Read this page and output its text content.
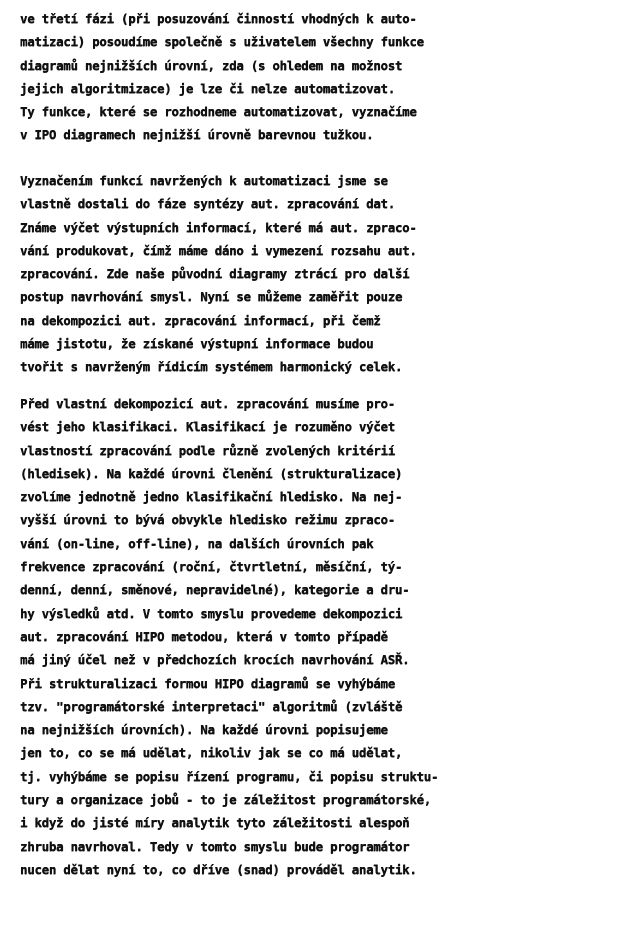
ve třetí fázi (při posuzování činností vhodných k auto-
matizaci) posoudíme společně s uživatelem všechny funkce
diagramů nejnižších úrovní, zda (s ohledem na možnost
jejich algoritmizace) je lze či nelze automatizovat.
Ty funkce, které se rozhodneme automatizovat, vyznačíme
v IPO diagramech nejnižší úrovně barevnou tužkou.
Vyznačením funkcí navržených k automatizaci jsme se
vlastně dostali do fáze syntézy aut. zpracování dat.
Známe výčet výstupních informací, které má aut. zpraco-
vání produkovat, čímž máme dáno i vymezení rozsahu aut.
zpracování. Zde naše původní diagramy ztrácí pro další
postup navrhování smysl. Nyní se můžeme zaměřit pouze
na dekompozici aut. zpracování informací, při čemž
máme jistotu, že získané výstupní informace budou
tvořit s navrženým řídicím systémem harmonický celek.
Před vlastní dekompozicí aut. zpracování musíme pro-
vést jeho klasifikaci. Klasifikací je rozuměno výčet
vlastností zpracování podle různě zvolených kritérií
(hledisek). Na každé úrovni členění (strukturalizace)
zvolíme jednotně jedno klasifikační hledisko. Na nej-
vyšší úrovni to bývá obvykle hledisko režimu zpraco-
vání (on-line, off-line), na dalších úrovních pak
frekvence zpracování (roční, čtvrtletní, měsíční, tý-
denní, denní, směnové, nepravidelné), kategorie a dru-
hy výsledků atd. V tomto smyslu provedeme dekompozici
aut. zpracování HIPO metodou, která v tomto případě
má jiný účel než v předchozích krocích navrhování ASŘ.
Při strukturalizaci formou HIPO diagramů se vyhýbáme
tzv. "programátorské interpretaci" algoritmů (zvláště
na nejnižších úrovních). Na každé úrovni popisujeme
jen to, co se má udělat, nikoliv jak se co má udělat,
tj. vyhýbáme se popisu řízení programu, či popisu struktu-
tury a organizace jobů - to je záležitost programátorské,
i když do jisté míry analytik tyto záležitosti alespoň
zhruba navrhoval. Tedy v tomto smyslu bude programátor
nucen dělat nyní to, co dříve (snad) prováděl analytik.
